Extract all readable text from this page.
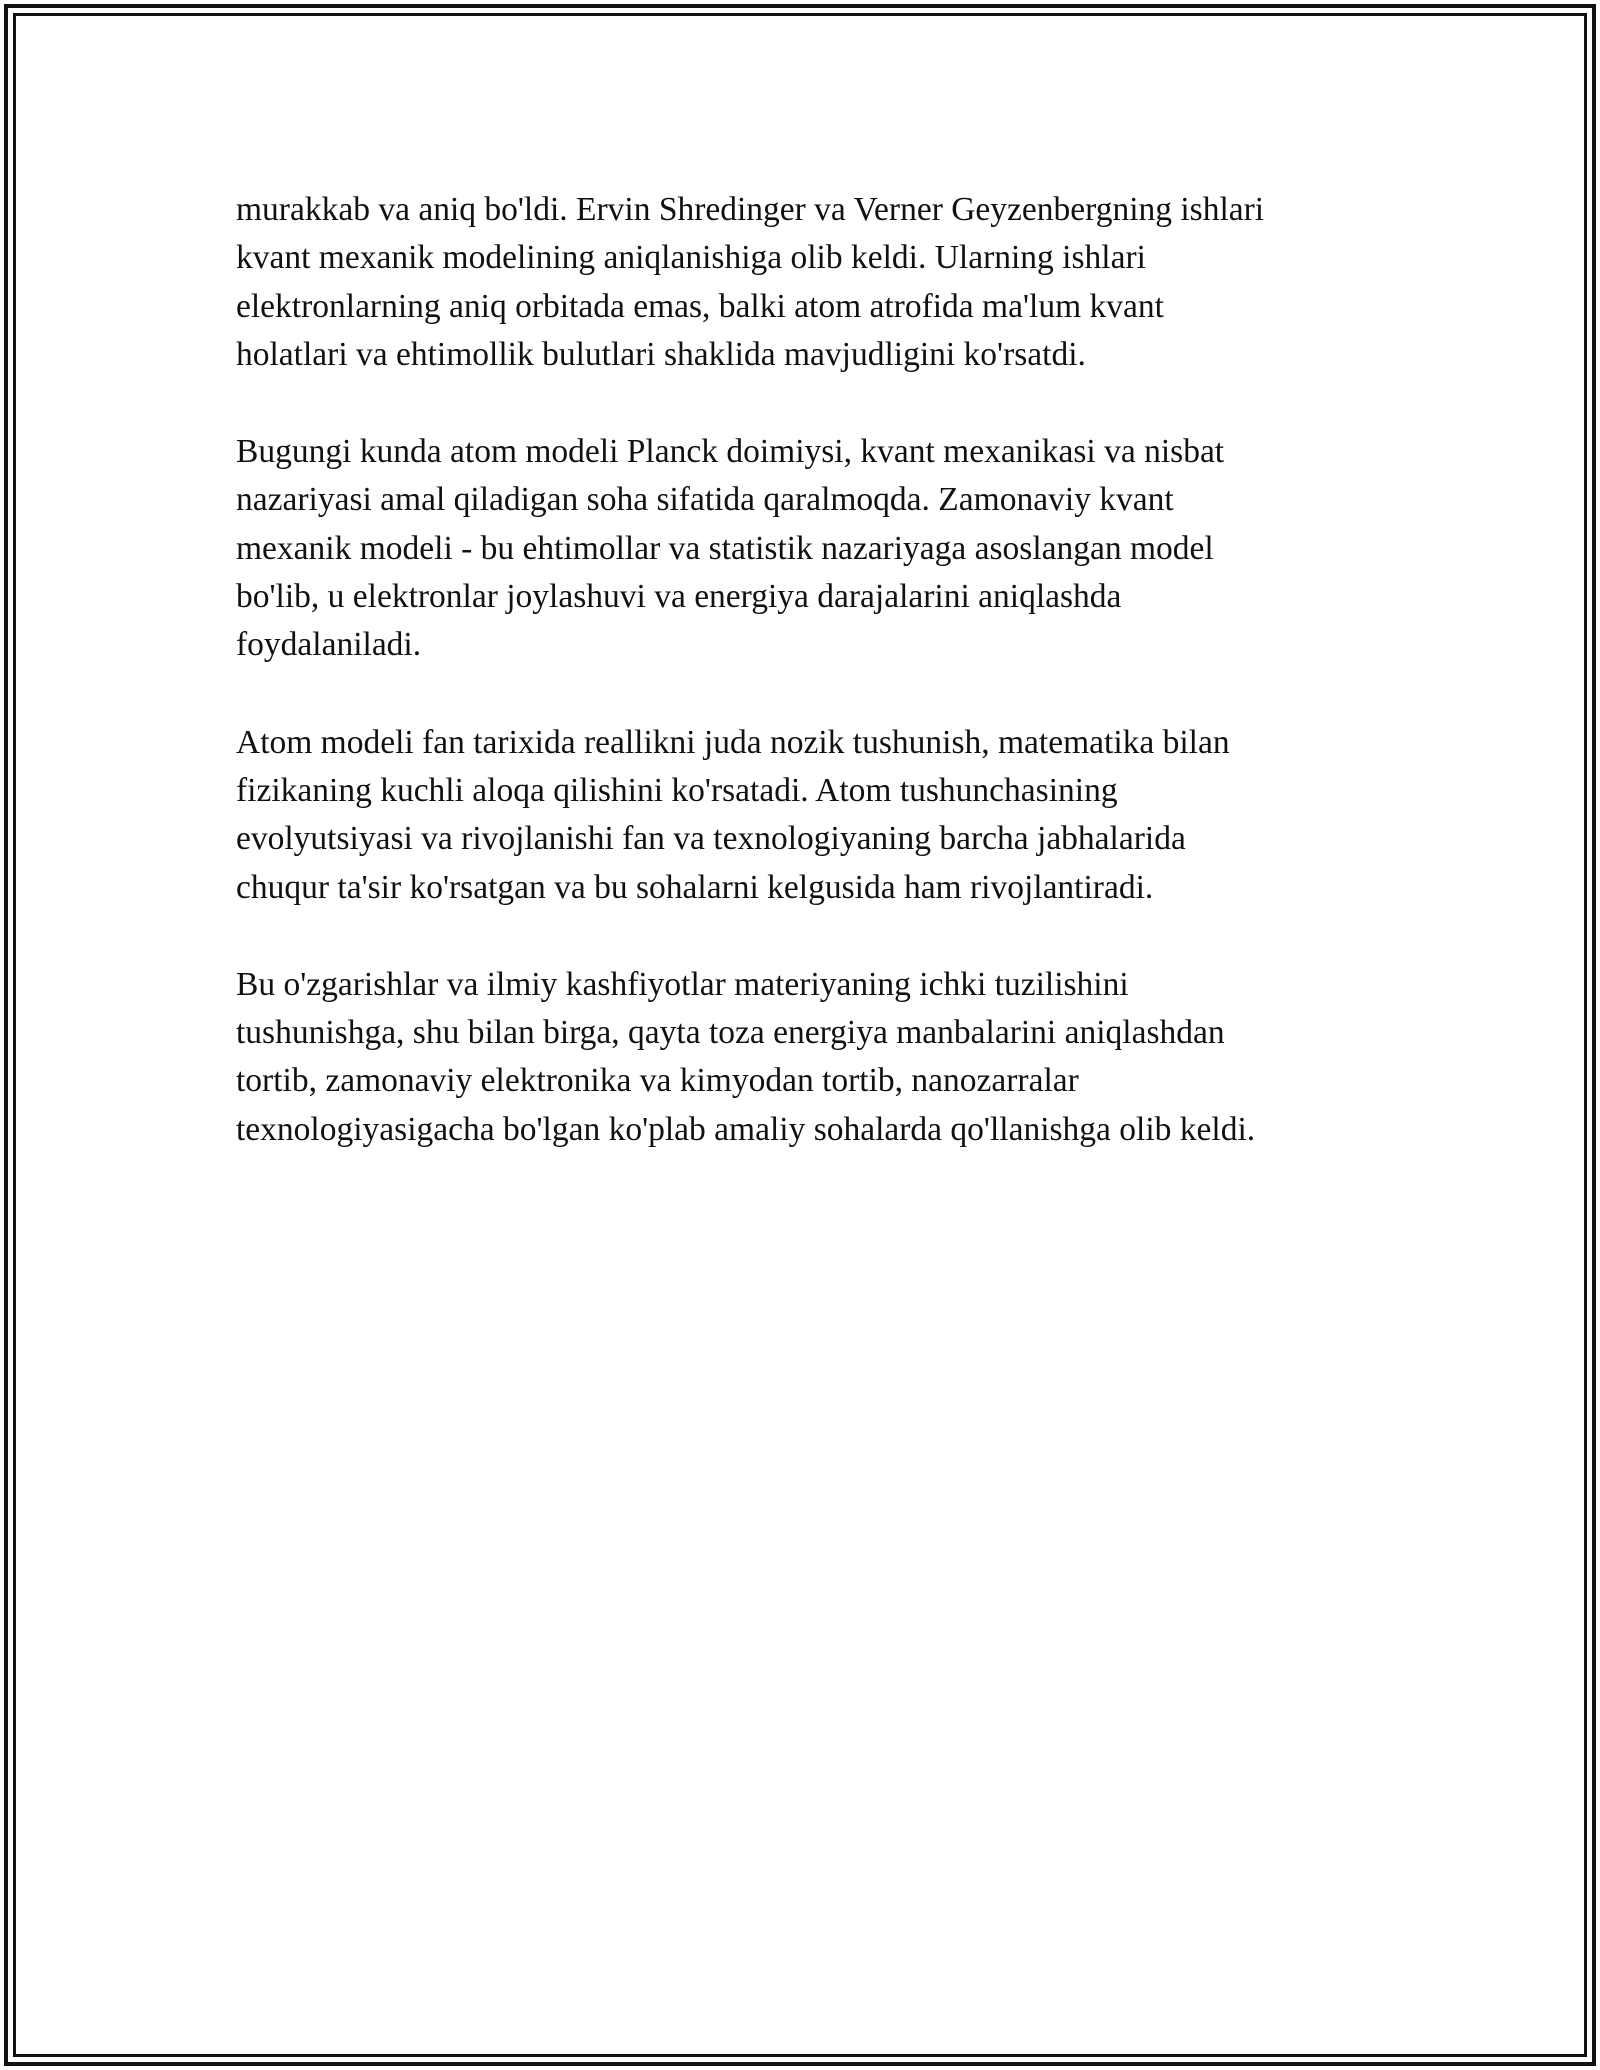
murakkab va aniq bo'ldi. Ervin Shredinger va Verner Geyzenbergning ishlari
kvant mexanik modelining aniqlanishiga olib keldi. Ularning ishlari
elektronlarning aniq orbitada emas, balki atom atrofida ma'lum kvant
holatlari va ehtimollik bulutlari shaklida mavjudligini ko'rsatdi.

Bugungi kunda atom modeli Planck doimiysi, kvant mexanikasi va nisbat
nazariyasi amal qiladigan soha sifatida qaralmoqda. Zamonaviy kvant
mexanik modeli - bu ehtimollar va statistik nazariyaga asoslangan model
bo'lib, u elektronlar joylashuvi va energiya darajalarini aniqlashda
foydalaniladi.

Atom modeli fan tarixida reallikni juda nozik tushunish, matematika bilan
fizikaning kuchli aloqa qilishini ko'rsatadi. Atom tushunchasining
evolyutsiyasi va rivojlanishi fan va texnologiyaning barcha jabhalarida
chuqur ta'sir ko'rsatgan va bu sohalarni kelgusida ham rivojlantiradi.

Bu o'zgarishlar va ilmiy kashfiyotlar materiyaning ichki tuzilishini
tushunishga, shu bilan birga, qayta toza energiya manbalarini aniqlashdan
tortib, zamonaviy elektronika va kimyodan tortib, nanozarralar
texnologiyasigacha bo'lgan ko'plab amaliy sohalarda qo'llanishga olib keldi.
